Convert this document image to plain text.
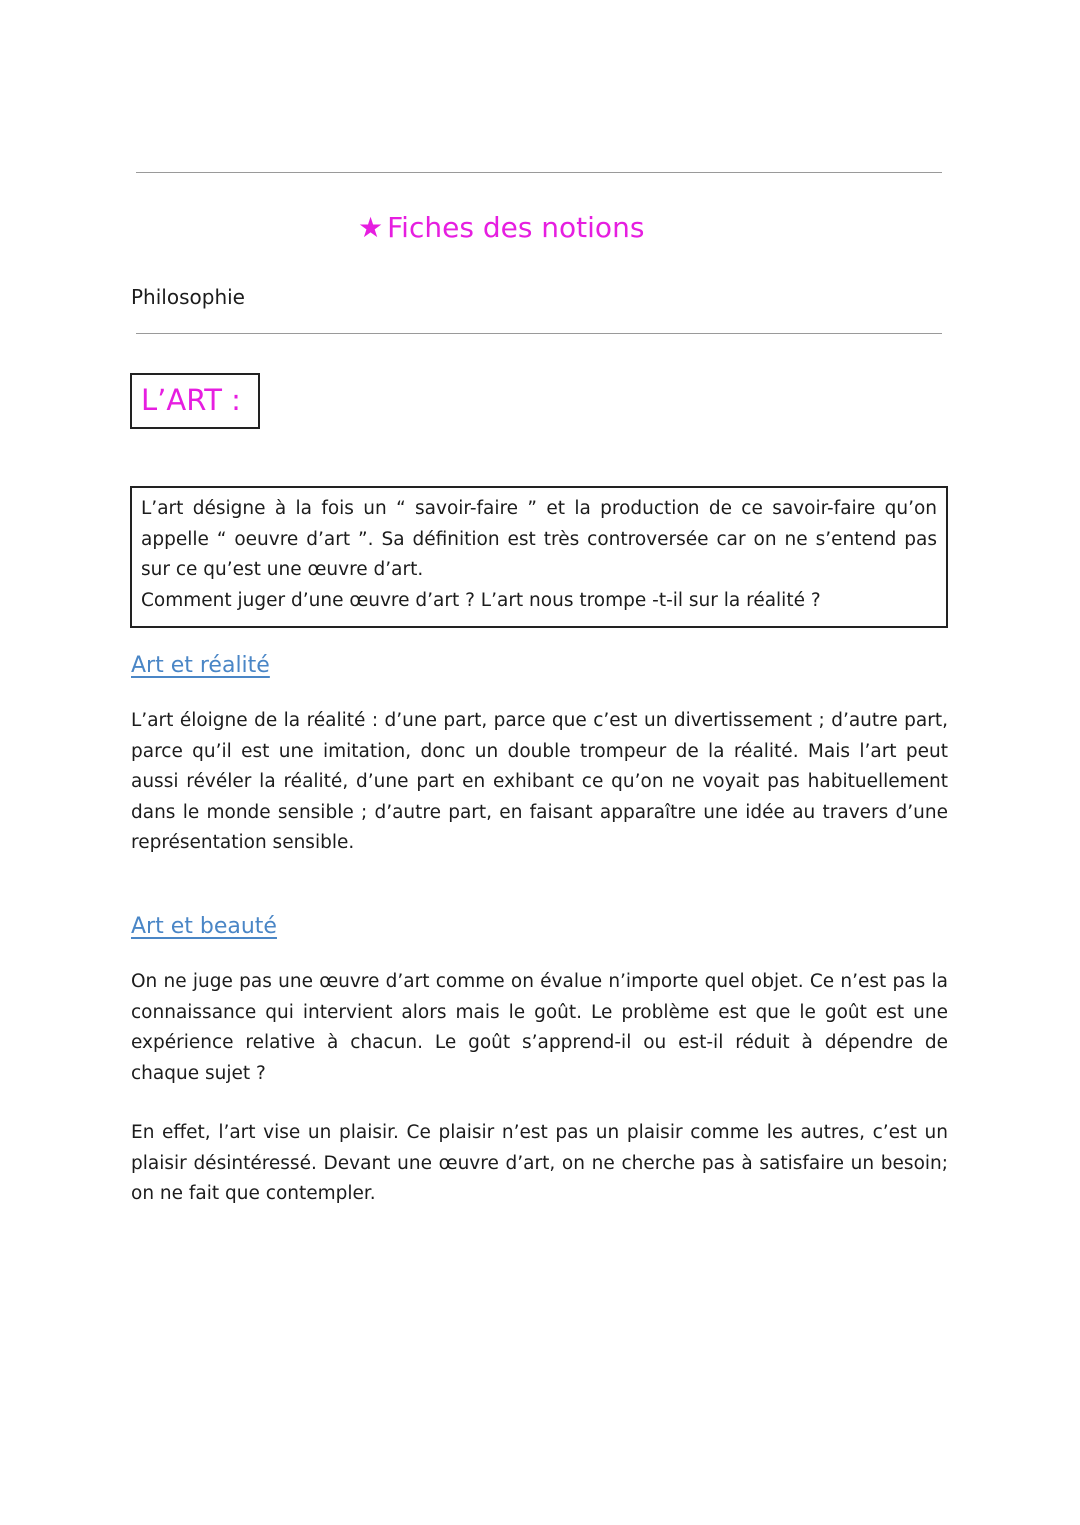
★ Fiches des notions
Philosophie
L’ART :

L’art désigne à la fois un “ savoir-faire ” et la production de ce savoir-faire qu’on appelle “ oeuvre d’art ”. Sa définition est très controversée car on ne s’entend pas sur ce qu’est une œuvre d’art.

Comment juger d’une œuvre d’art ? L’art nous trompe -t-il sur la réalité ?

Art et réalité

L’art éloigne de la réalité : d’une part, parce que c’est un divertissement ; d’autre part, parce qu’il est une imitation, donc un double trompeur de la réalité. Mais l’art peut aussi révéler la réalité, d’une part en exhibant ce qu’on ne voyait pas habituellement dans le monde sensible ; d’autre part, en faisant apparaître une idée au travers d’une représentation sensible.

Art et beauté

On ne juge pas une œuvre d’art comme on évalue n’importe quel objet. Ce n’est pas la connaissance qui intervient alors mais le goût. Le problème est que le goût est une expérience relative à chacun. Le goût s’apprend-il ou est-il réduit à dépendre de chaque sujet ?

En effet, l’art vise un plaisir. Ce plaisir n’est pas un plaisir comme les autres, c’est un plaisir désintéressé. Devant une œuvre d’art, on ne cherche pas à satisfaire un besoin; on ne fait que contempler.
